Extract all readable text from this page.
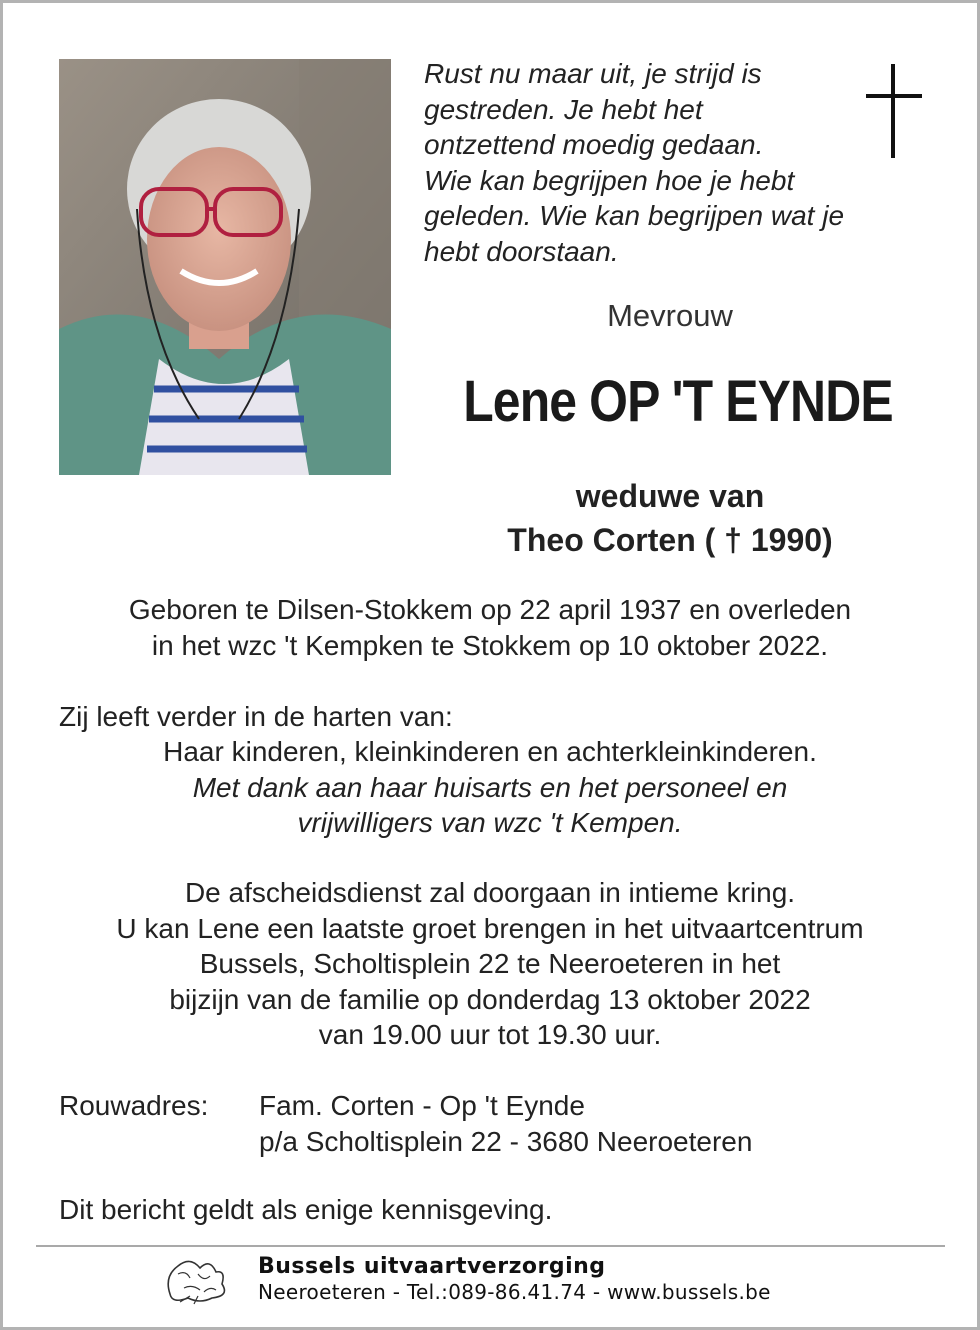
Rust nu maar uit, je strijd is
gestreden. Je hebt het
ontzettend moedig gedaan.
Wie kan begrijpen hoe je hebt
geleden. Wie kan begrijpen wat je
hebt doorstaan.
Mevrouw
Lene OP 'T EYNDE
weduwe van
Theo Corten ( † 1990)
Geboren te Dilsen-Stokkem op 22 april 1937 en overleden
in het wzc 't Kempken te Stokkem op 10 oktober 2022.
Zij leeft verder in de harten van:
Haar kinderen, kleinkinderen en achterkleinkinderen.
Met dank aan haar huisarts en het personeel en
vrijwilligers van wzc 't Kempen.
De afscheidsdienst zal doorgaan in intieme kring.
U kan Lene een laatste groet brengen in het uitvaartcentrum
Bussels, Scholtisplein 22 te Neeroeteren in het
bijzijn van de familie op donderdag 13 oktober 2022
van 19.00 uur tot 19.30 uur.
Rouwadres: Fam. Corten - Op 't Eynde
p/a Scholtisplein 22 - 3680 Neeroeteren
Dit bericht geldt als enige kennisgeving.
Bussels uitvaartverzorging
Neeroeteren - Tel.:089-86.41.74 - www.bussels.be
